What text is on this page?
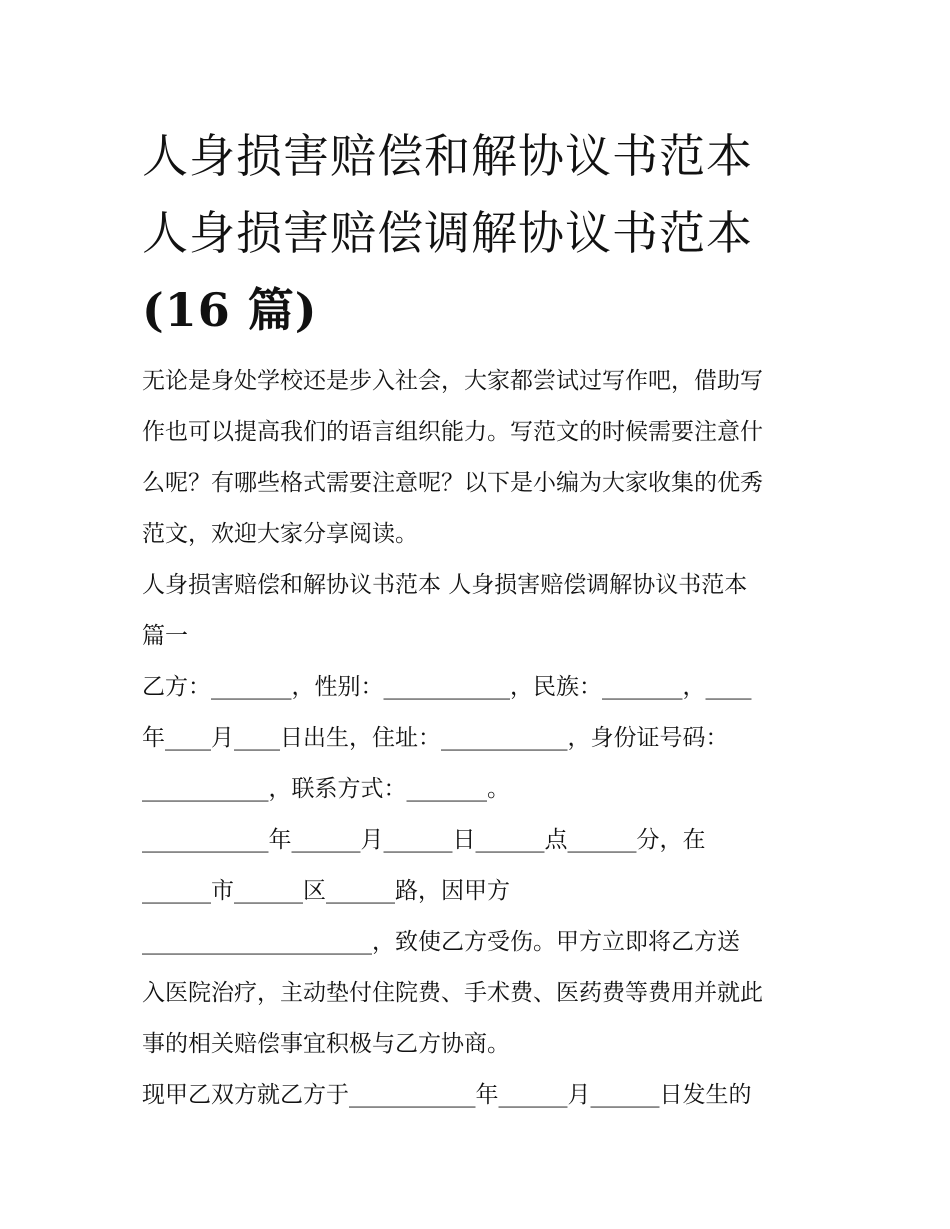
人身损害赔偿和解协议书范本
人身损害赔偿调解协议书范本
(16 篇)

无论是身处学校还是步入社会，大家都尝试过写作吧，借助写
作也可以提高我们的语言组织能力。写范文的时候需要注意什
么呢？有哪些格式需要注意呢？以下是小编为大家收集的优秀
范文，欢迎大家分享阅读。

人身损害赔偿和解协议书范本 人身损害赔偿调解协议书范本
篇一

乙方：_______，性别：___________，民族：_______，____
年____月____日出生，住址：___________，身份证号码：
___________，联系方式：_______。

___________年______月______日______点______分，在
______市______区______路，因甲方
____________________，致使乙方受伤。甲方立即将乙方送
入医院治疗，主动垫付住院费、手术费、医药费等费用并就此
事的相关赔偿事宜积极与乙方协商。

现甲乙双方就乙方于___________年______月______日发生的
